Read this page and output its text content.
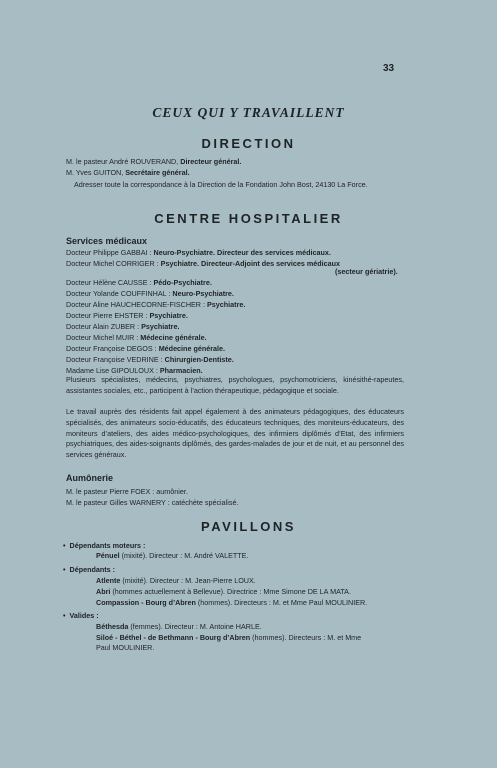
33
CEUX QUI Y TRAVAILLENT
DIRECTION
M. le pasteur André ROUVERAND, Directeur général.
M. Yves GUITON, Secrétaire général.
Adresser toute la correspondance à la Direction de la Fondation John Bost, 24130 La Force.
CENTRE HOSPITALIER
Services médicaux
Docteur Philippe GABBAI : Neuro-Psychiatre. Directeur des services médicaux.
Docteur Michel CORRIGER : Psychiatre. Directeur-Adjoint des services médicaux
(secteur gériatrie).
Docteur Hélène CAUSSE : Pédo-Psychiatre.
Docteur Yolande COUFFINHAL : Neuro-Psychiatre.
Docteur Aline HAUCHECORNE-FISCHER : Psychiatre.
Docteur Pierre EHSTER : Psychiatre.
Docteur Alain ZUBER : Psychiatre.
Docteur Michel MUIR : Médecine générale.
Docteur Françoise DEGOS : Médecine générale.
Docteur Françoise VEDRINE : Chirurgien-Dentiste.
Madame Lise GIPOULOUX : Pharmacien.
Plusieurs spécialistes, médecins, psychiatres, psychologues, psychomotriciens, kinésithé-rapeutes, assistantes sociales, etc., participent à l’action thérapeutique, pédagogique et sociale.
Le travail auprès des résidents fait appel également à des animateurs pédagogiques, des éducateurs spécialisés, des animateurs socio-éducatifs, des éducateurs techniques, des moniteurs-éducateurs, des moniteurs d’ateliers, des aides médico-psychologiques, des infirmiers diplômés d’Etat, des infirmiers psychiatriques, des aides-soignants diplômés, des gardes-malades de jour et de nuit, et au personnel des services généraux.
Aumônerie
M. le pasteur Pierre FOEX : aumônier.
M. le pasteur Gilles WARNERY : catéchète spécialisé.
PAVILLONS
•  Dépendants moteurs :
Pénuel (mixité). Directeur : M. André VALETTE.
•  Dépendants :
Atlente (mixité). Directeur : M. Jean-Pierre LOUX.
Abri (hommes actuellement à Bellevue). Directrice : Mme Simone DE LA MATA.
Compassion - Bourg d’Abren (hommes). Directeurs : M. et Mme Paul MOULINIER.
•  Valides :
Béthesda (femmes). Directeur : M. Antoine HARLE.
Siloé - Béthel - de Bethmann - Bourg d’Abren (hommes). Directeurs : M. et Mme
Paul MOULINIER.
